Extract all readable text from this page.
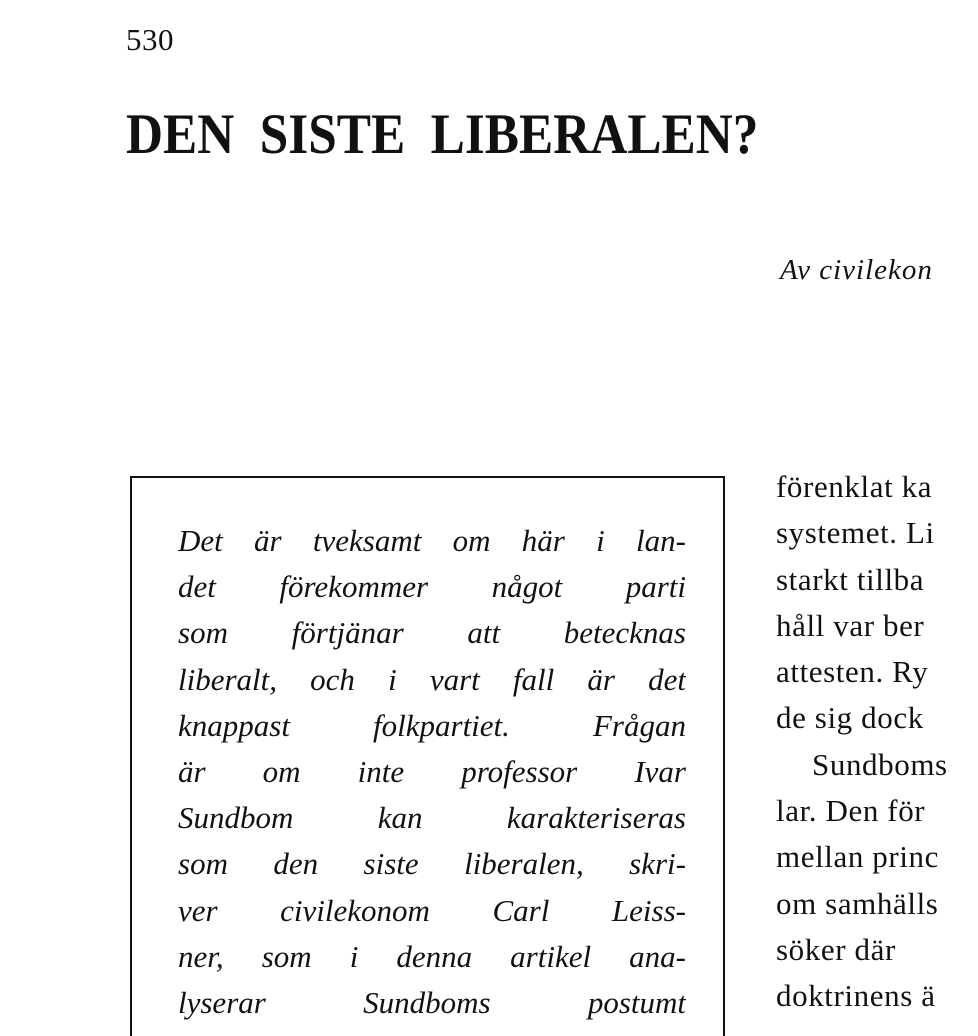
530
DEN SISTE LIBERALEN?
Av civilekon
Det är tveksamt om här i lan-
det förekommer något parti
som förtjänar att betecknas
liberalt, och i vart fall är det
knappast folkpartiet. Frågan
är om inte professor Ivar
Sundbom kan karakteriseras
som den siste liberalen, skri-
ver civilekonom Carl Leiss-
ner, som i denna artikel ana-
lyserar Sundboms postumt
förenklat ka
systemet. Li
starkt tillba
håll var ber
attesten. Ry
de sig dock
Sundboms
lar. Den för
mellan princ
om samhälls
söker där
doktrinens ä
